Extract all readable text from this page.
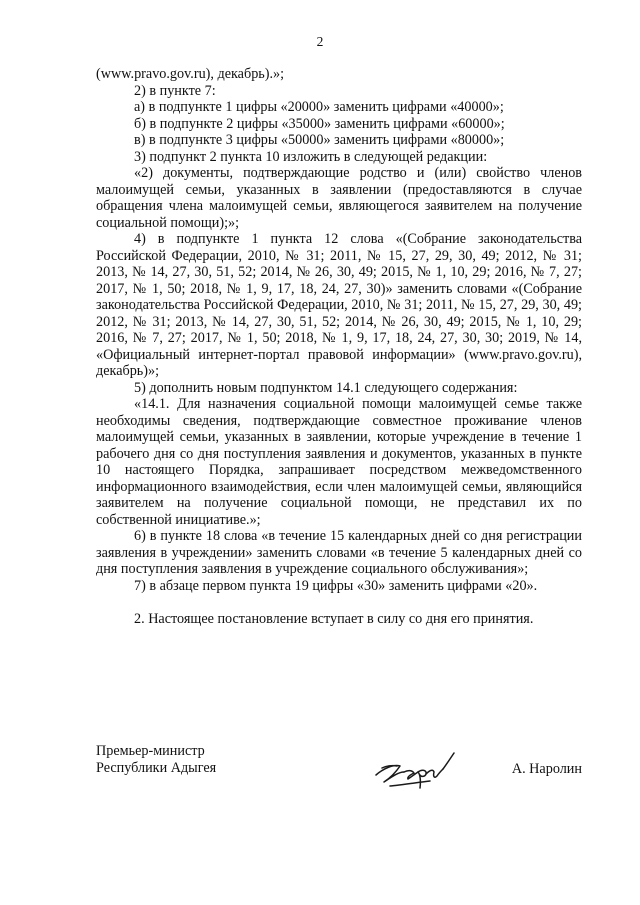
2

(www.pravo.gov.ru), декабрь).»;

2) в пункте 7:

а) в подпункте 1 цифры «20000» заменить цифрами «40000»;

б) в подпункте 2 цифры «35000» заменить цифрами «60000»;

в) в подпункте 3 цифры «50000» заменить цифрами «80000»;

3) подпункт 2 пункта 10 изложить в следующей редакции:

«2) документы, подтверждающие родство и (или) свойство членов малоимущей семьи, указанных в заявлении (предоставляются в случае обращения члена малоимущей семьи, являющегося заявителем на получение социальной помощи);»;

4) в подпункте 1 пункта 12 слова «(Собрание законодательства Российской Федерации, 2010, № 31; 2011, № 15, 27, 29, 30, 49; 2012, № 31; 2013, № 14, 27, 30, 51, 52; 2014, № 26, 30, 49; 2015, № 1, 10, 29; 2016, № 7, 27; 2017, № 1, 50; 2018, № 1, 9, 17, 18, 24, 27, 30)» заменить словами «(Собрание законодательства Российской Федерации, 2010, № 31; 2011, № 15, 27, 29, 30, 49; 2012, № 31; 2013, № 14, 27, 30, 51, 52; 2014, № 26, 30, 49; 2015, № 1, 10, 29; 2016, № 7, 27; 2017, № 1, 50; 2018, № 1, 9, 17, 18, 24, 27, 30, 30; 2019, № 14, «Официальный интернет-портал правовой информации» (www.pravo.gov.ru), декабрь)»;

5) дополнить новым подпунктом 14.1 следующего содержания:

«14.1. Для назначения социальной помощи малоимущей семье также необходимы сведения, подтверждающие совместное проживание членов малоимущей семьи, указанных в заявлении, которые учреждение в течение 1 рабочего дня со дня поступления заявления и документов, указанных в пункте 10 настоящего Порядка, запрашивает посредством межведомственного информационного взаимодействия, если член малоимущей семьи, являющийся заявителем на получение социальной помощи, не представил их по собственной инициативе.»;

6) в пункте 18 слова «в течение 15 календарных дней со дня регистрации заявления в учреждении» заменить словами «в течение 5 календарных дней со дня поступления заявления в учреждение социального обслуживания»;

7) в абзаце первом пункта 19 цифры «30» заменить цифрами «20».

2. Настоящее постановление вступает в силу со дня его принятия.

Премьер-министр
Республики Адыгея	А. Наролин
